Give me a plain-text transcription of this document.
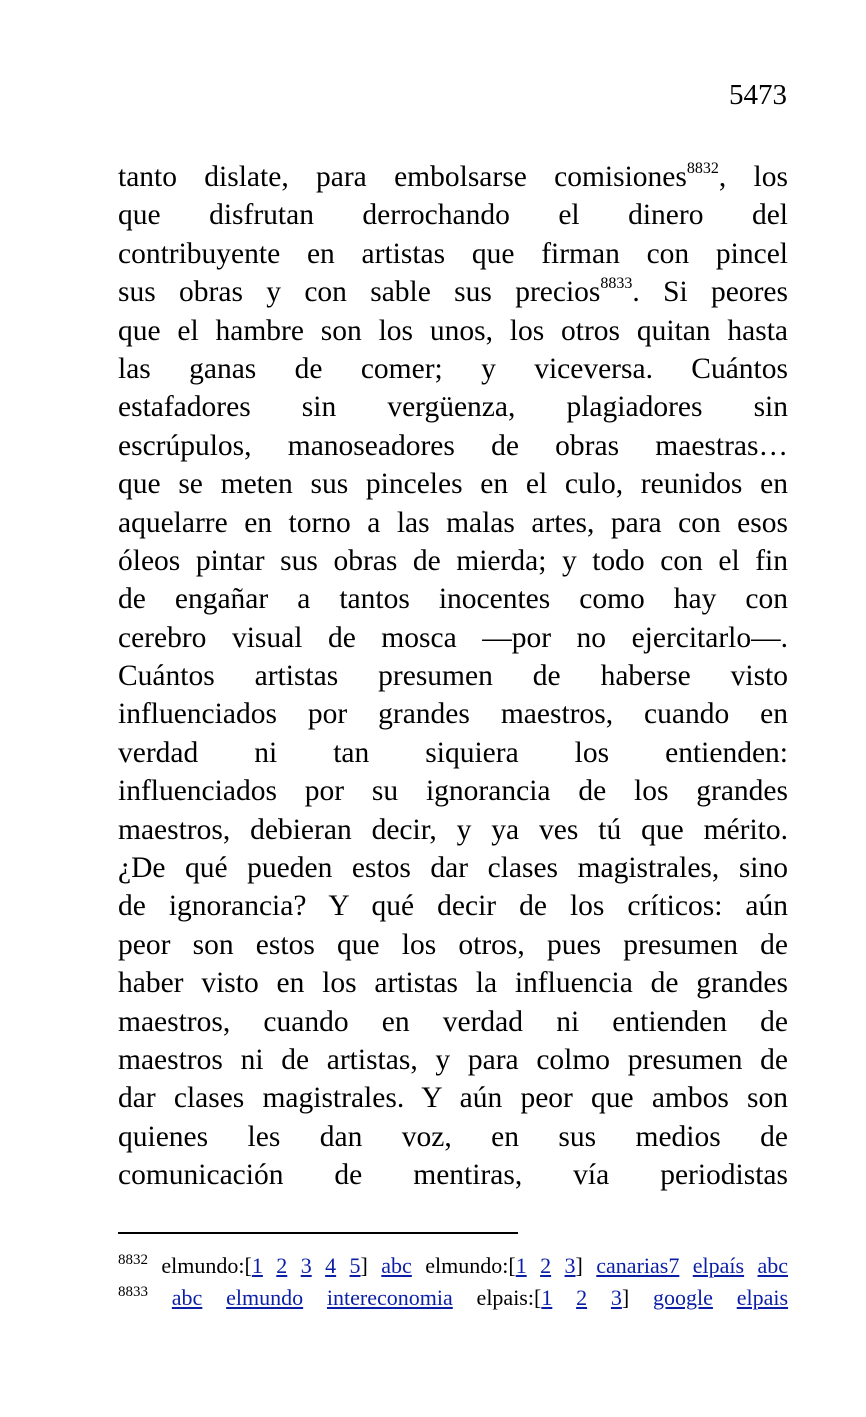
5473
tanto dislate, para embolsarse comisiones$^{8832}$, los
que disfrutan derrochando el dinero del
contribuyente en artistas que firman con pincel
sus obras y con sable sus precios$^{8833}$. Si peores
que el hambre son los unos, los otros quitan hasta
las ganas de comer; y viceversa. Cuántos
estafadores sin vergüenza, plagiadores sin
escrúpulos, manoseadores de obras maestras…
que se meten sus pinceles en el culo, reunidos en
aquelarre en torno a las malas artes, para con esos
óleos pintar sus obras de mierda; y todo con el fin
de engañar a tantos inocentes como hay con
cerebro visual de mosca —por no ejercitarlo—.
Cuántos artistas presumen de haberse visto
influenciados por grandes maestros, cuando en
verdad ni tan siquiera los entienden:
influenciados por su ignorancia de los grandes
maestros, debieran decir, y ya ves tú que mérito.
¿De qué pueden estos dar clases magistrales, sino
de ignorancia? Y qué decir de los críticos: aún
peor son estos que los otros, pues presumen de
haber visto en los artistas la influencia de grandes
maestros, cuando en verdad ni entienden de
maestros ni de artistas, y para colmo presumen de
dar clases magistrales. Y aún peor que ambos son
quienes les dan voz, en sus medios de
comunicación de mentiras, vía periodistas
$^{8832}$ elmundo:[1 2 3 4 5] abc elmundo:[1 2 3] canarias7 elpaís abc
$^{8833}$ abc elmundo intereconomia elpais:[1 2 3] google elpais
